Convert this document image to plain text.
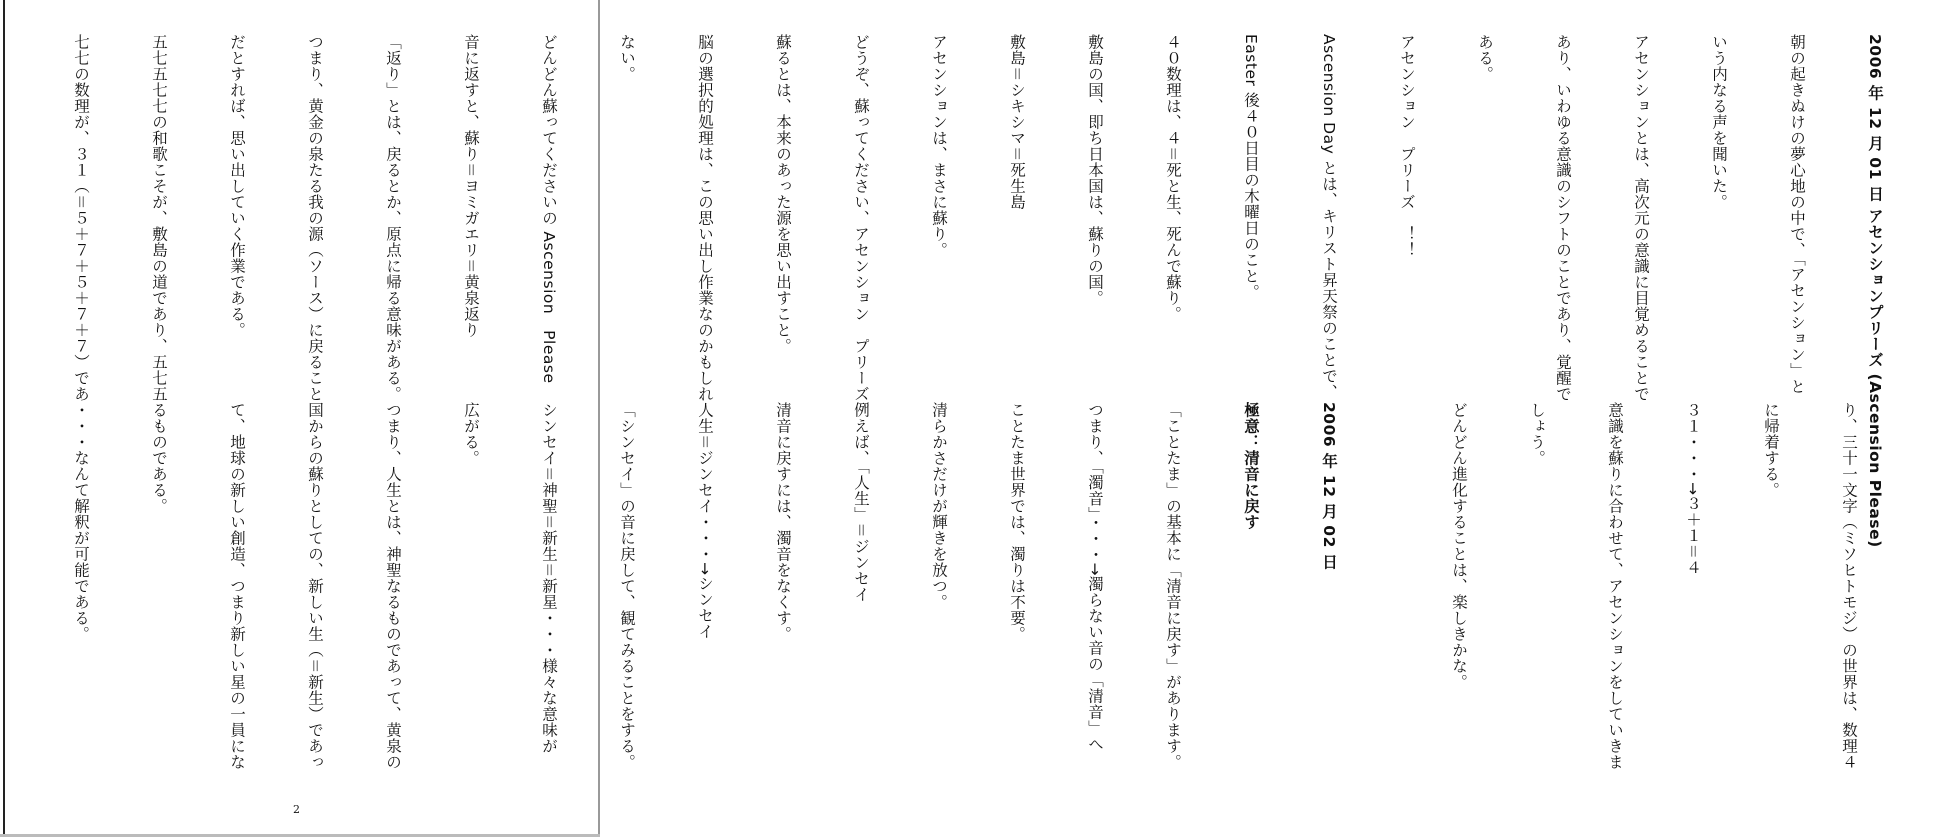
2006 年 12 月 01 日 アセンションプリーズ (Ascension Please)

朝の起きぬけの夢心地の中で、「アセンション」と

いう内なる声を聞いた。

アセンションとは、高次元の意識に目覚めることで

あり、いわゆる意識のシフトのことであり、覚醒で

ある。

アセンション　プリーズ　！！

Ascension Day とは、キリスト昇天祭のことで、

Easter 後４０日目の木曜日のこと。

４０数理は、４＝死と生、死んで蘇り。

敷島の国、即ち日本国は、蘇りの国。

敷島＝シキシマ＝死生島

アセンションは、まさに蘇り。

どうぞ、蘇ってください、アセンション　プリーズ。

蘇るとは、本来のあった源を思い出すこと。

脳の選択的処理は、この思い出し作業なのかもしれ

ない。

どんどん蘇ってくださいの Ascension　Please

音に返すと、蘇り＝ヨミガエリ＝黄泉返り

「返り」とは、戻るとか、原点に帰る意味がある。

つまり、黄金の泉たる我の源（ソース）に戻ること

だとすれば、思い出していく作業である。

五七五七七の和歌こそが、敷島の道であり、五七五

七七の数理が、３１（＝５＋７＋５＋７＋７）であ

り、三十一文字（ミソヒトモジ）の世界は、数理４

に帰着する。

３１・・・→３＋１＝４

意識を蘇りに合わせて、アセンションをしていきま

しょう。

どんどん進化することは、楽しきかな。

2006 年 12 月 02 日

極意：清音に戻す

「ことたま」の基本に「清音に戻す」があります。

つまり、「濁音」・・・→濁らない音の「清音」へ

ことたま世界では、濁りは不要。

清らかさだけが輝きを放つ。

例えば、「人生」＝ジンセイ

清音に戻すには、濁音をなくす。

人生＝ジンセイ・・・→シンセイ

「シンセイ」の音に戻して、観てみることをする。

シンセイ＝神聖＝新生＝新星・・・様々な意味が

広がる。

つまり、人生とは、神聖なるものであって、黄泉の

国からの蘇りとしての、新しい生（＝新生）であっ

て、地球の新しい創造、つまり新しい星の一員にな

るものである。

・・・なんて解釈が可能である。

2
